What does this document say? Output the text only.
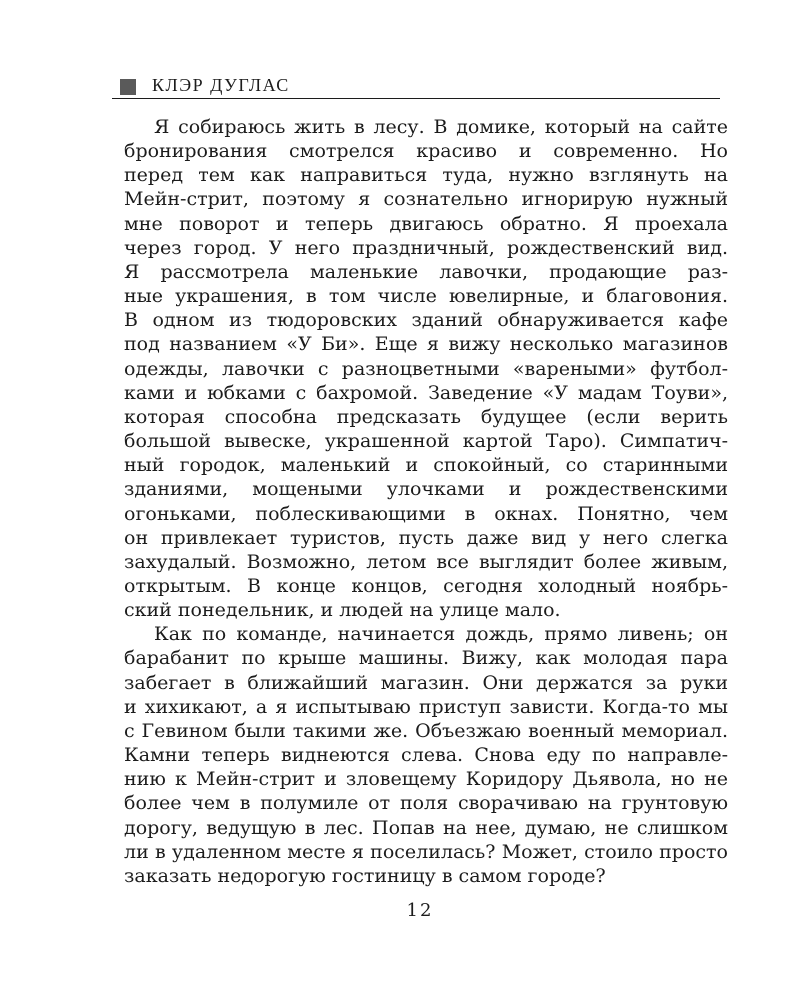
КЛЭР ДУГЛАС
Я собираюсь жить в лесу. В домике, который на сайте
бронирования смотрелся красиво и современно. Но
перед тем как направиться туда, нужно взглянуть на
Мейн-стрит, поэтому я сознательно игнорирую нужный
мне поворот и теперь двигаюсь обратно. Я проехала
через город. У него праздничный, рождественский вид.
Я рассмотрела маленькие лавочки, продающие раз-
ные украшения, в том числе ювелирные, и благовония.
В одном из тюдоровских зданий обнаруживается кафе
под названием «У Би». Еще я вижу несколько магазинов
одежды, лавочки с разноцветными «вареными» футбол-
ками и юбками с бахромой. Заведение «У мадам Тоуви»,
которая способна предсказать будущее (если верить
большой вывеске, украшенной картой Таро). Симпатич-
ный городок, маленький и спокойный, со старинными
зданиями, мощеными улочками и рождественскими
огоньками, поблескивающими в окнах. Понятно, чем
он привлекает туристов, пусть даже вид у него слегка
захудалый. Возможно, летом все выглядит более живым,
открытым. В конце концов, сегодня холодный ноябрь-
ский понедельник, и людей на улице мало.
Как по команде, начинается дождь, прямо ливень; он
барабанит по крыше машины. Вижу, как молодая пара
забегает в ближайший магазин. Они держатся за руки
и хихикают, а я испытываю приступ зависти. Когда-то мы
с Гевином были такими же. Объезжаю военный мемориал.
Камни теперь виднеются слева. Снова еду по направле-
нию к Мейн-стрит и зловещему Коридору Дьявола, но не
более чем в полумиле от поля сворачиваю на грунтовую
дорогу, ведущую в лес. Попав на нее, думаю, не слишком
ли в удаленном месте я поселилась? Может, стоило просто
заказать недорогую гостиницу в самом городе?
12
